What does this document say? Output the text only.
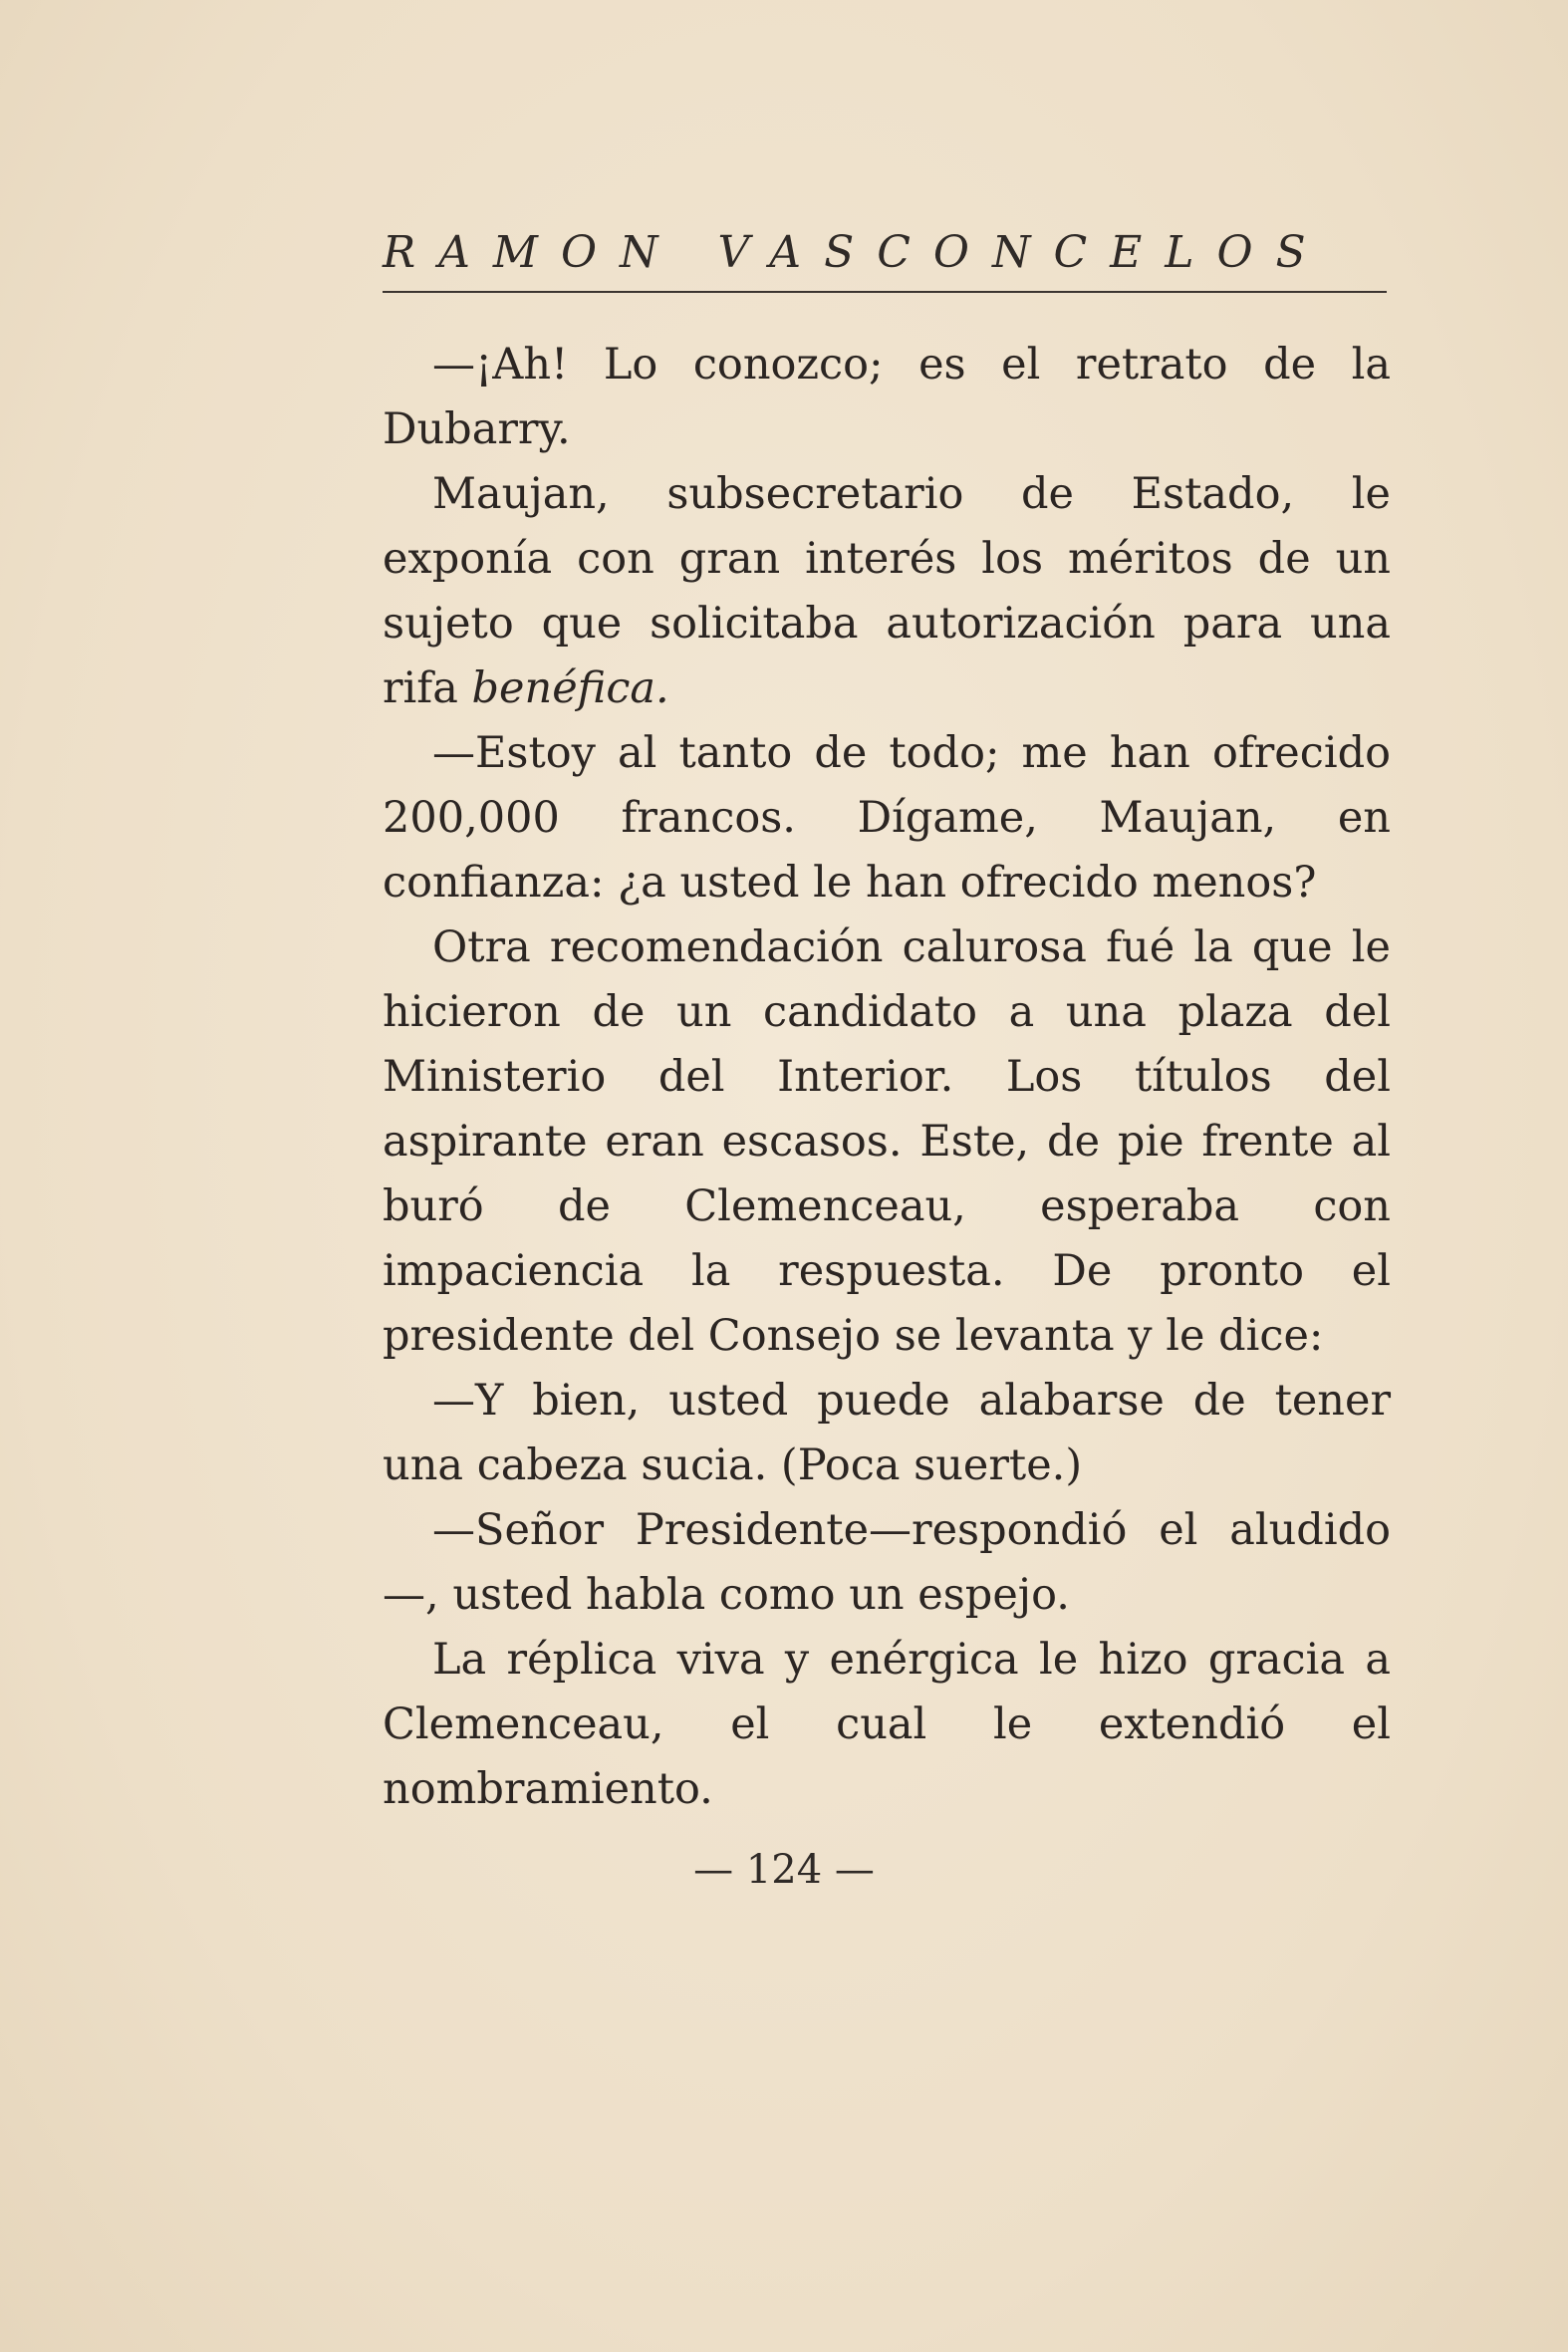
RAMON VASCONCELOS

—¡Ah! Lo conozco; es el retrato de la Dubarry.

Maujan, subsecretario de Estado, le exponía con gran interés los méritos de un sujeto que solicitaba autorización para una rifa benéfica.

—Estoy al tanto de todo; me han ofrecido 200,000 francos. Dígame, Maujan, en confianza: ¿a usted le han ofrecido menos?

Otra recomendación calurosa fué la que le hicieron de un candidato a una plaza del Ministerio del Interior. Los títulos del aspirante eran escasos. Este, de pie frente al buró de Clemenceau, esperaba con impaciencia la respuesta. De pronto el presidente del Consejo se levanta y le dice:

—Y bien, usted puede alabarse de tener una cabeza sucia. (Poca suerte.)

—Señor Presidente—respondió el aludido—, usted habla como un espejo.

La réplica viva y enérgica le hizo gracia a Clemenceau, el cual le extendió el nombramiento.

— 124 —
